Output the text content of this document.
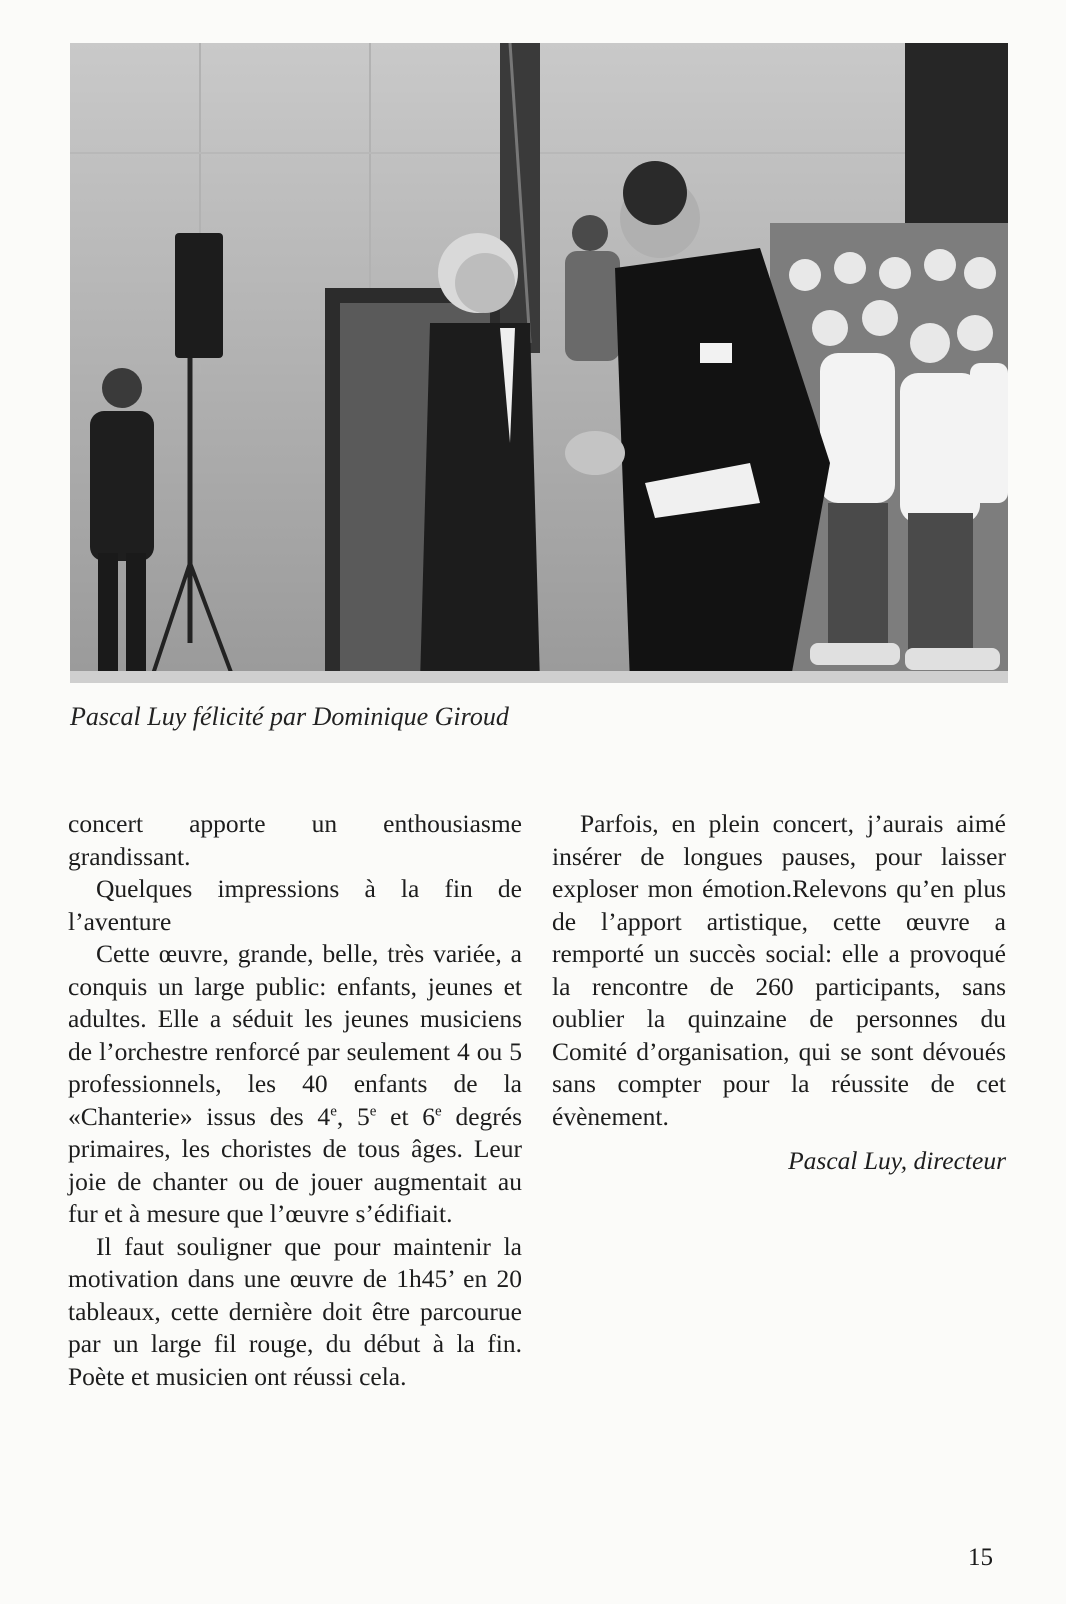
Pascal Luy félicité par Dominique Giroud

concert apporte un enthousiasme grandissant.

Quelques impressions à la fin de l’aventure

Cette œuvre, grande, belle, très variée, a conquis un large public: enfants, jeunes et adultes. Elle a séduit les jeunes musiciens de l’orchestre renforcé par seulement 4 ou 5 professionnels, les 40 enfants de la «Chanterie» issus des 4e, 5e et 6e degrés primaires, les choristes de tous âges. Leur joie de chanter ou de jouer augmentait au fur et à mesure que l’œuvre s’édifiait.

Il faut souligner que pour maintenir la motivation dans une œuvre de 1h45’ en 20 tableaux, cette dernière doit être parcourue par un large fil rouge, du début à la fin. Poète et musicien ont réussi cela.

Parfois, en plein concert, j’aurais aimé insérer de longues pauses, pour laisser exploser mon émotion.Relevons qu’en plus de l’apport artistique, cette œuvre a remporté un succès social: elle a provoqué la rencontre de 260 participants, sans oublier la quinzaine de personnes du Comité d’organisation, qui se sont dévoués sans compter pour la réussite de cet évènement.

Pascal Luy, directeur

15
